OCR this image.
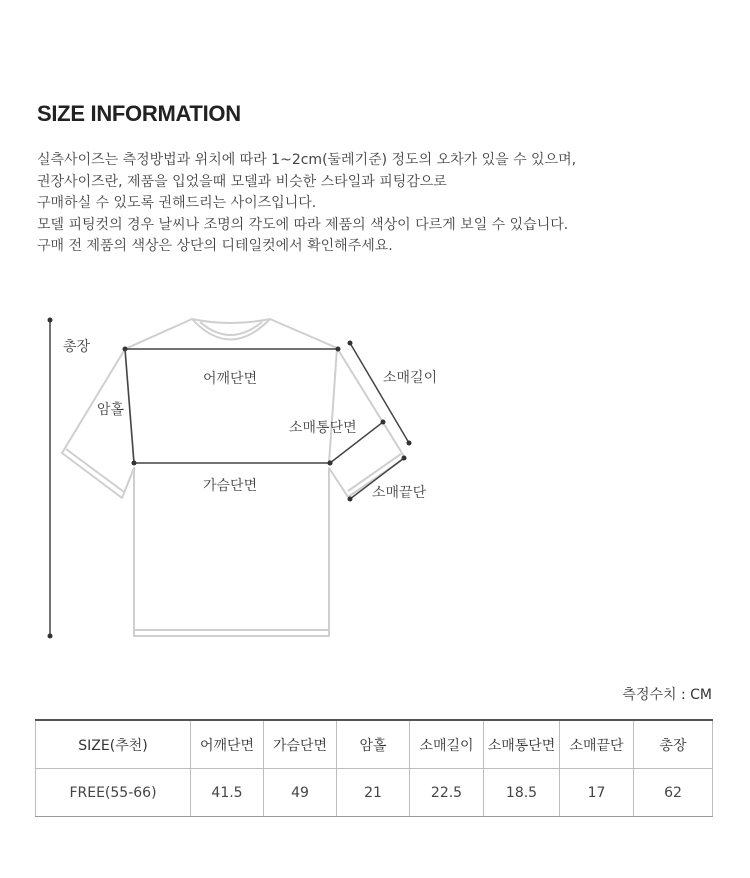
SIZE INFORMATION
실측사이즈는 측정방법과 위치에 따라 1~2cm(둘레기준) 정도의 오차가 있을 수 있으며,
권장사이즈란, 제품을 입었을때 모델과 비슷한 스타일과 피팅감으로
구매하실 수 있도록 권해드리는 사이즈입니다.
모델 피팅컷의 경우 날씨나 조명의 각도에 따라 제품의 색상이 다르게 보일 수 있습니다.
구매 전 제품의 색상은 상단의 디테일컷에서 확인해주세요.
총장
어깨단면
암홀
소매길이
소매통단면
가슴단면	소매끝단
측정수치 : CM
SIZE(추천)	어깨단면	가슴단면	암홀	소매길이	소매통단면	소매끝단	총장
FREE(55-66)	41.5	49	21	22.5	18.5	17	62
